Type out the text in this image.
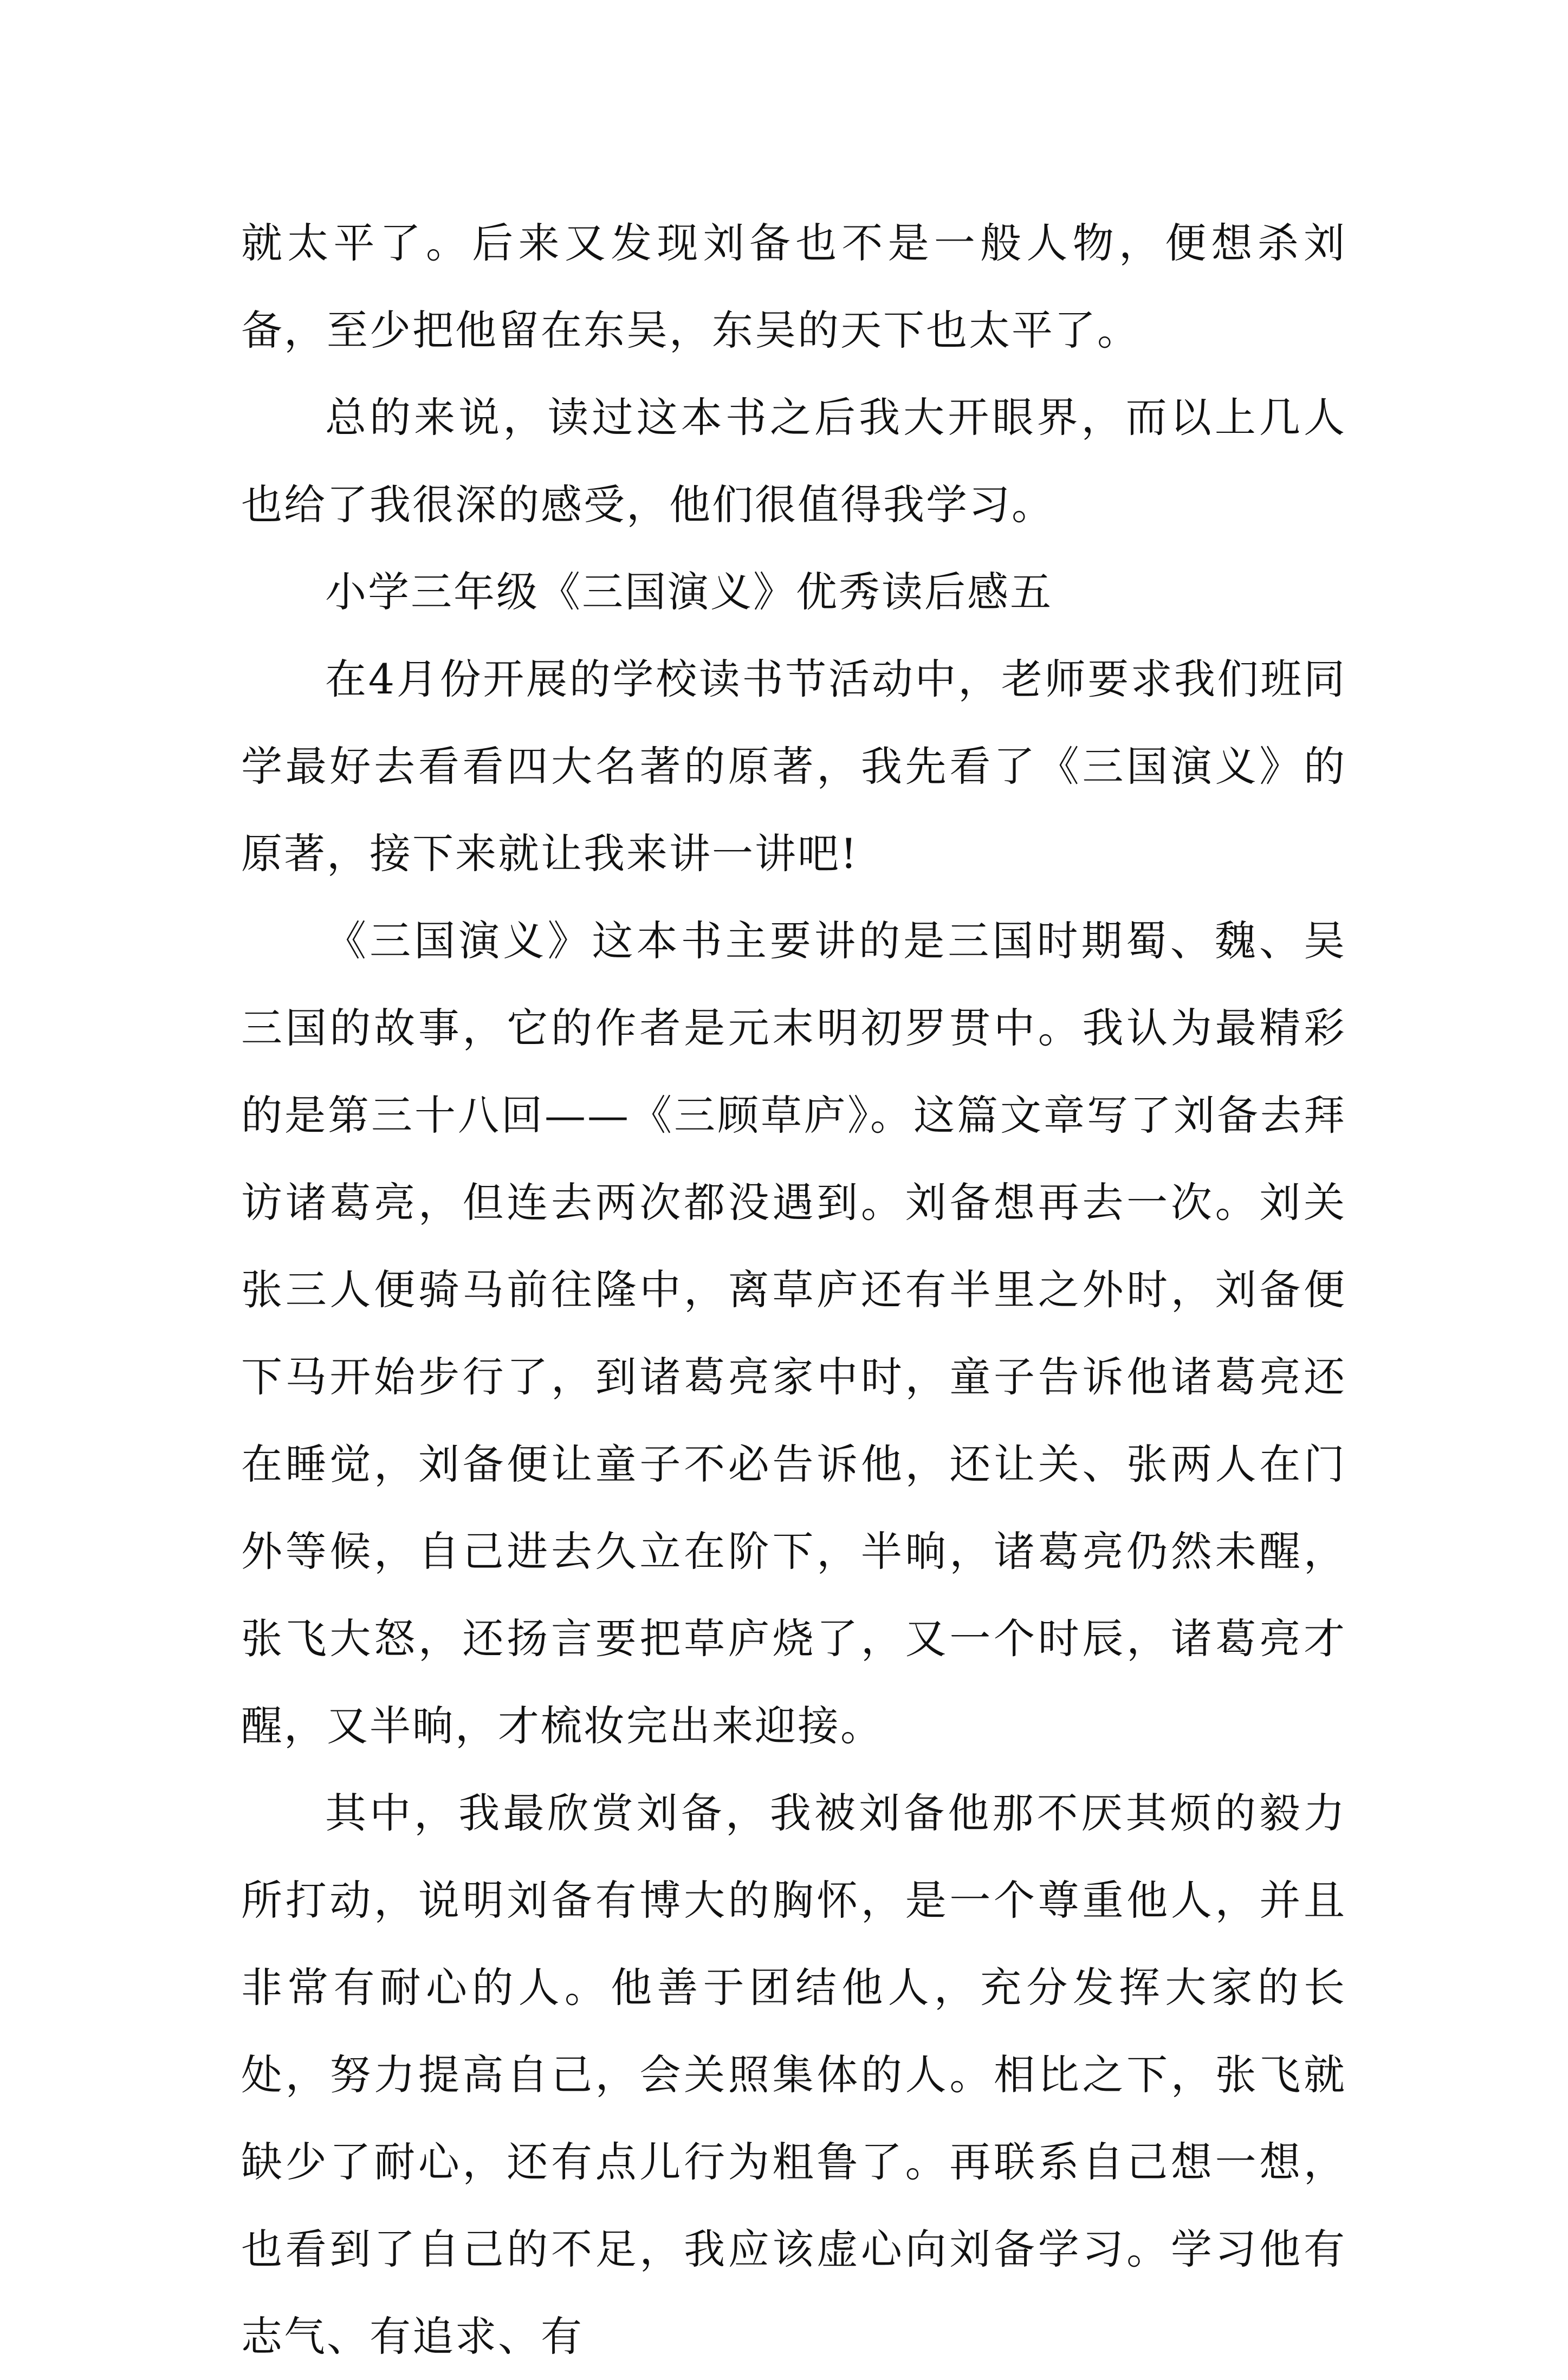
就太平了。后来又发现刘备也不是一般人物，便想杀刘备，至少把他留在东吴，东吴的天下也太平了。

总的来说，读过这本书之后我大开眼界，而以上几人也给了我很深的感受，他们很值得我学习。

小学三年级《三国演义》优秀读后感五

在4月份开展的学校读书节活动中，老师要求我们班同学最好去看看四大名著的原著，我先看了《三国演义》的原著，接下来就让我来讲一讲吧!

《三国演义》这本书主要讲的是三国时期蜀、魏、吴三国的故事，它的作者是元末明初罗贯中。我认为最精彩的是第三十八回——《三顾草庐》。这篇文章写了刘备去拜访诸葛亮，但连去两次都没遇到。刘备想再去一次。刘关张三人便骑马前往隆中，离草庐还有半里之外时，刘备便下马开始步行了，到诸葛亮家中时，童子告诉他诸葛亮还在睡觉，刘备便让童子不必告诉他，还让关、张两人在门外等候，自己进去久立在阶下，半晌，诸葛亮仍然未醒，张飞大怒，还扬言要把草庐烧了，又一个时辰，诸葛亮才醒，又半晌，才梳妆完出来迎接。

其中，我最欣赏刘备，我被刘备他那不厌其烦的毅力所打动，说明刘备有博大的胸怀，是一个尊重他人，并且非常有耐心的人。他善于团结他人，充分发挥大家的长处，努力提高自己，会关照集体的人。相比之下，张飞就缺少了耐心，还有点儿行为粗鲁了。再联系自己想一想，也看到了自己的不足，我应该虚心向刘备学习。学习他有志气、有追求、有
